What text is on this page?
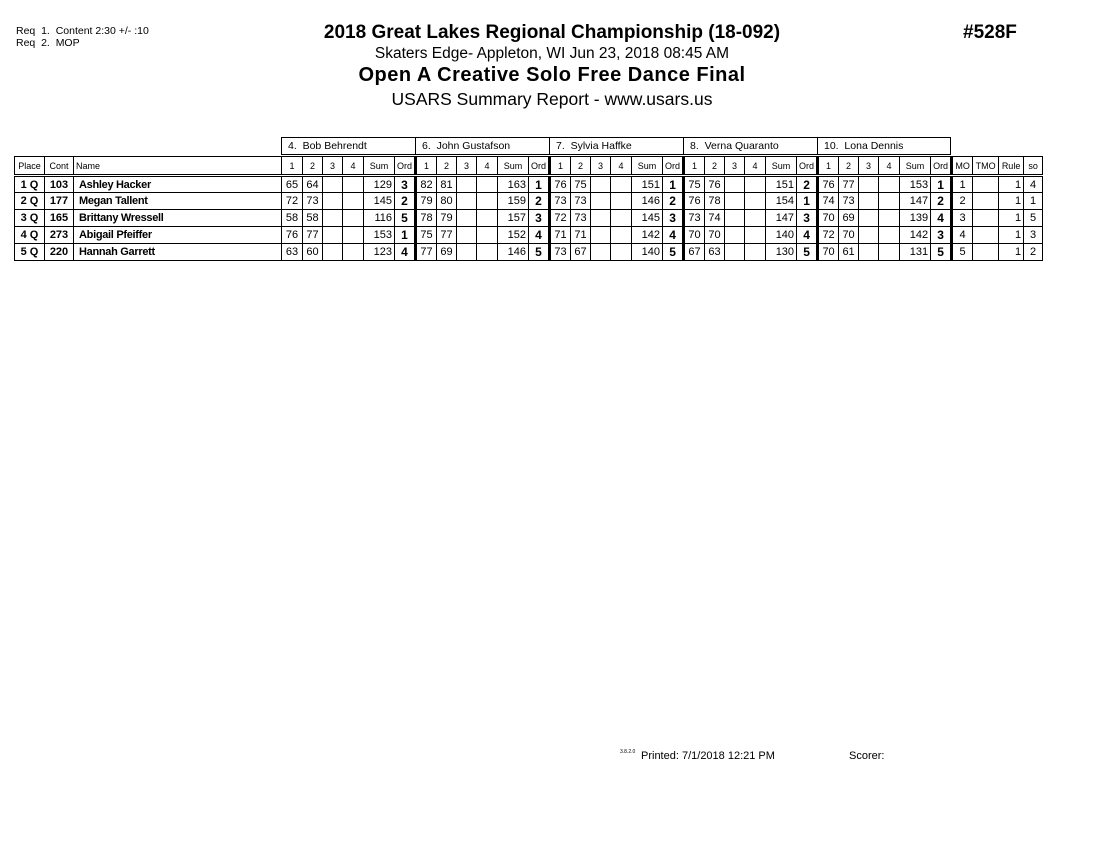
Req  1.  Content 2:30 +/- :10
Req  2.  MOP	2018 Great Lakes Regional Championship (18-092)
Skaters Edge- Appleton, WI Jun 23, 2018 08:45 AM
Open A Creative Solo Free Dance Final
USARS Summary Report - www.usars.us
#528F
4.  Bob Behrendt	6.  John Gustafson	7.  Sylvia Haffke	8.  Verna Quaranto	10.  Lona Dennis
Place	Cont	Name	1	2	3	4	Sum	Ord	1	2	3	4	Sum	Ord	1	2	3	4	Sum	Ord	1	2	3	4	Sum	Ord	1	2	3	4	Sum	Ord	MO	TMO	Rule	so
1 Q	103	Ashley Hacker	65	64			129	3	82	81			163	1	76	75			151	1	75	76			151	2	76	77			153	1	1		1	4
2 Q	177	Megan Tallent	72	73			145	2	79	80			159	2	73	73			146	2	76	78			154	1	74	73			147	2	2		1	1
3 Q	165	Brittany Wressell	58	58			116	5	78	79			157	3	72	73			145	3	73	74			147	3	70	69			139	4	3		1	5
4 Q	273	Abigail Pfeiffer	76	77			153	1	75	77			152	4	71	71			142	4	70	70			140	4	72	70			142	3	4		1	3
5 Q	220	Hannah Garrett	63	60			123	4	77	69			146	5	73	67			140	5	67	63			130	5	70	61			131	5	5		1	2
3.8.2.0 Printed: 7/1/2018 12:21 PM	Scorer:
